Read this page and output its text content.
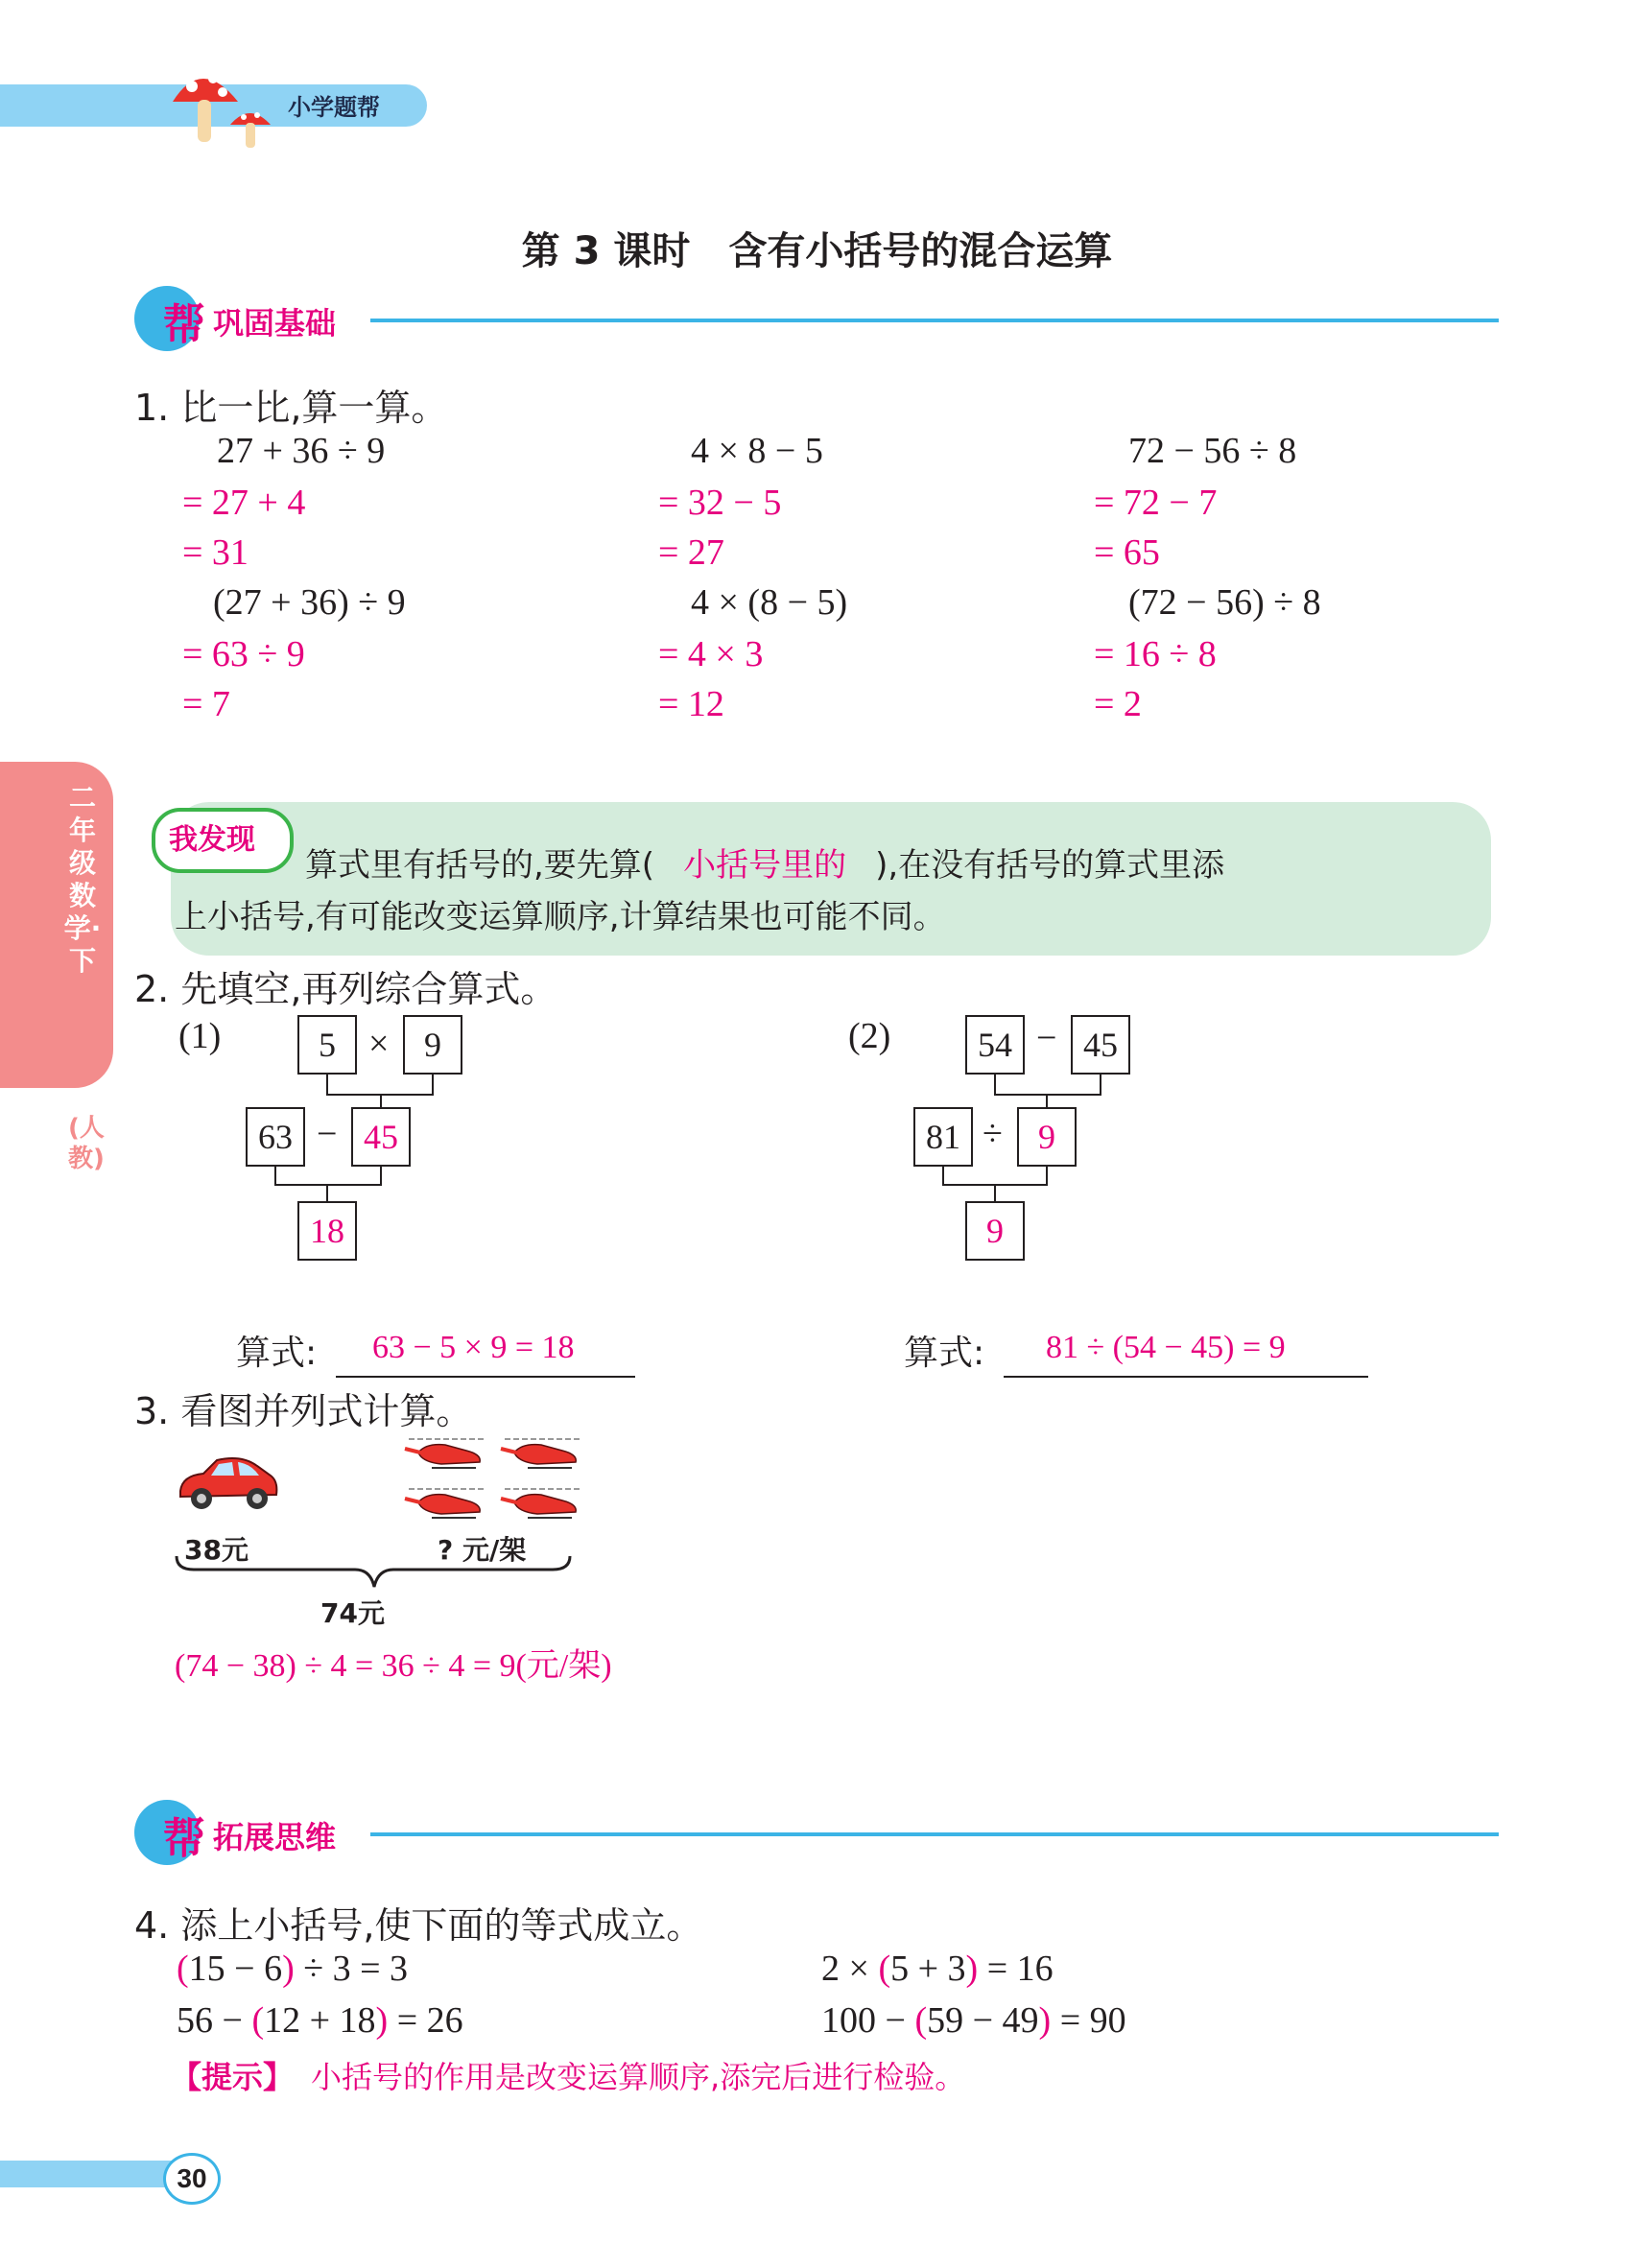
小学题帮
第 3 课时　含有小括号的混合运算
帮 巩固基础
1. 比一比,算一算。
27 + 36 ÷ 9
= 27 + 4
= 31
(27 + 36) ÷ 9
= 63 ÷ 9
= 7
4 × 8 − 5
= 32 − 5
= 27
4 × (8 − 5)
= 4 × 3
= 12
72 − 56 ÷ 8
= 72 − 7
= 65
(72 − 56) ÷ 8
= 16 ÷ 8
= 2
二年级数学·下
(人教)
我发现
算式里有括号的,要先算( 小括号里的 ),在没有括号的算式里添
上小括号,有可能改变运算顺序,计算结果也可能不同。
2. 先填空,再列综合算式。
(1)	5 ×	9
63 − 45
18
算式: 63 − 5 × 9 = 18
(2)	54 − 45
81 ÷	9
9
算式: 81 ÷ (54 − 45) = 9
3. 看图并列式计算。
38元	? 元/架
74元
(74 − 38) ÷ 4 = 36 ÷ 4 = 9(元/架)
帮 拓展思维
4. 添上小括号,使下面的等式成立。
(15 − 6) ÷ 3 = 3	2 × (5 + 3) = 16
56 − (12 + 18) = 26	100 − (59 − 49) = 90
【提示】 小括号的作用是改变运算顺序,添完后进行检验。
30
